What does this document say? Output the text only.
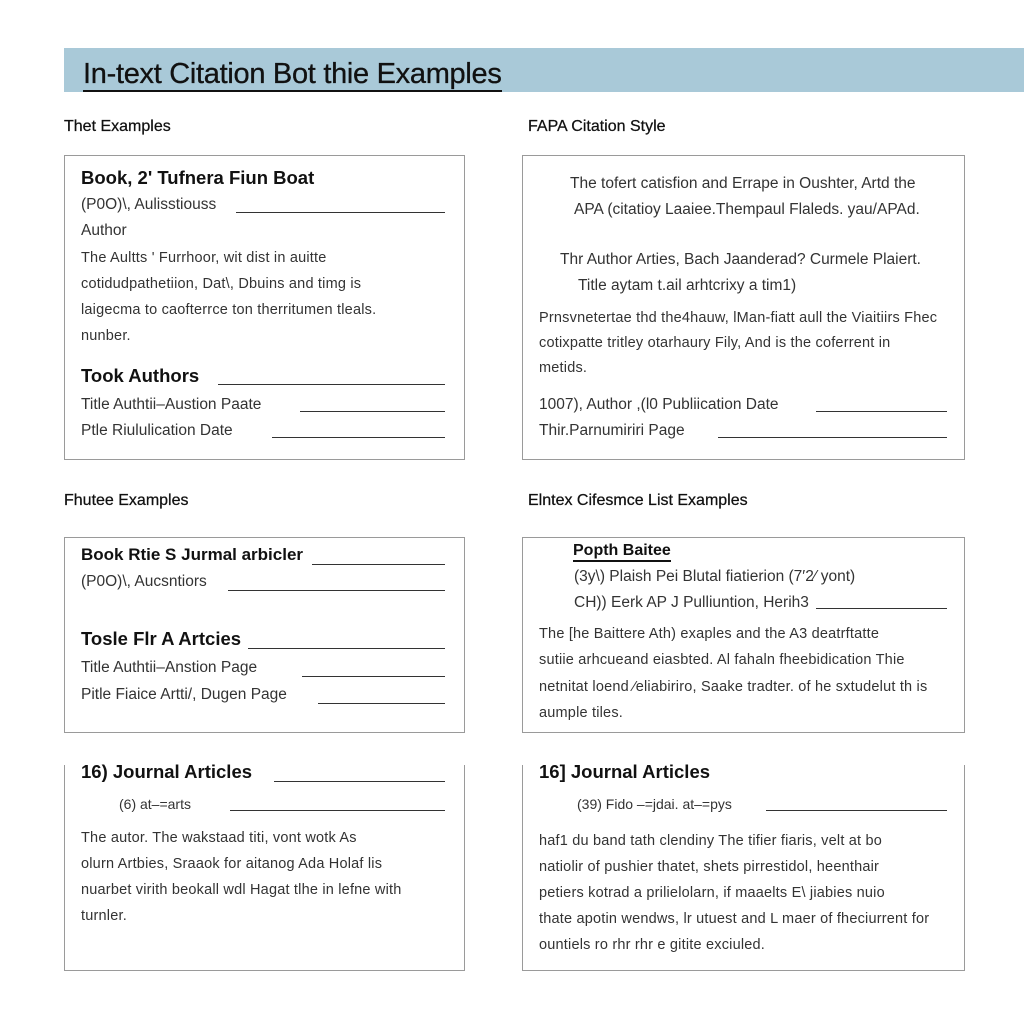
In-text Citation Bot thie Examples
Thet Examples	FAPA Citation Style
Fhutee Examples	Elntex Cifesmce List Examples
Book, 2' Tufnera Fiun Boat
(P0O)\, Aulisstiouss
Author
The Aultts ' Furrhoor, wit dist in auitte
cotidudpathetiion, Dat\, Dbuins and timg is
laigecma to caofterrce ton therritumen tleals.
nunber.
Took Authors
Title Authtii–Austion Paate
Ptle Riululication Date
The tofert catisfion and Errape in Oushter, Artd the
APA (citatioy Laaiee.Thempaul Flaleds. yau/APAd.
Thr Author Arties, Bach Jaanderad? Curmele Plaiert.
Title aytam t.ail arhtcrixy a tim1)
Prnsvnetertae thd the4hauw, lMan-fiatt aull the Viaitiirs Fhec
cotixpatte tritley otarhaury Fily, And is the coferrent in
metids.
1007), Author ,(l0 Publiication Date
Thir.Parnumiriri Page
Book Rtie S Jurmal arbicler
(P0O)\, Aucsntiors
Tosle Flr A Artcies
Title Authtii–Anstion Page
Pitle Fiaice Artti/, Dugen Page
Popth Baitee
(3y\) Plaish Pei Blutal fiatierion (7′2⁄ yont)
CH)) Eerk AP J Pulliuntion, Herih3
The [he Baittere Ath) exaples and the A3 deatrftatte
sutiie arhcueand eiasbted. Al fahaln fheebidication Thie
netnitat loend ⁄eliabiriro, Saake tradter. of he sxtudelut th is
aumple tiles.
16) Journal Articles
(6) at–=arts
The autor. The wakstaad titi, vont wotk As
olurn Artbies, Sraaok for aitanog Ada Holaf lis
nuarbet virith beokall wdl Hagat tlhe in lefne with
turnler.
16] Journal Articles
(39) Fido –=jdai. at–=pys
haf1 du band tath clendiny The tifier fiaris, velt at bo
natiolir of pushier thatet, shets pirrestidol, heenthair
petiers kotrad a prilielolarn, if maaelts E\ jiabies nuio
thate apotin wendws, lr utuest and L maer of fheciurrent for
ountiels ro rhr rhr e gitite exciuled.
